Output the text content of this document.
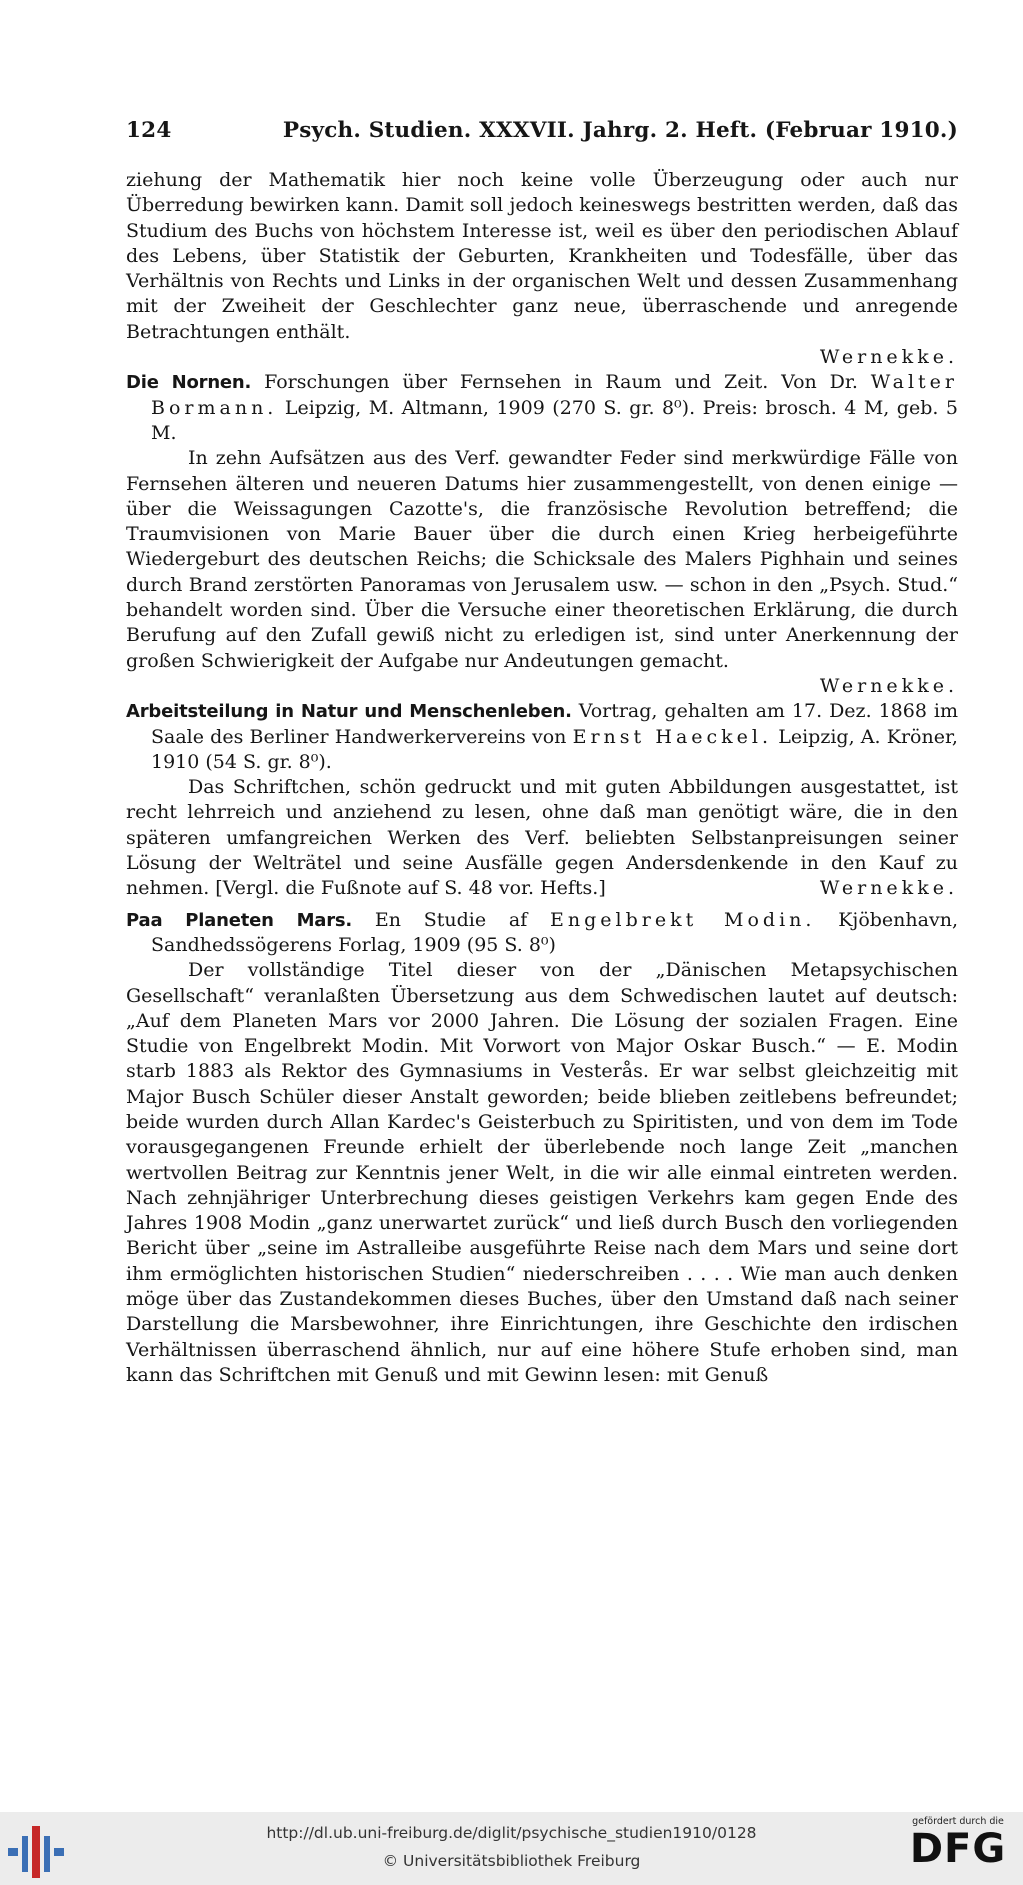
124	Psych. Studien. XXXVII. Jahrg. 2. Heft. (Februar 1910.)

ziehung der Mathematik hier noch keine volle Überzeugung oder auch nur Überredung bewirken kann. Damit soll jedoch keineswegs bestritten werden, daß das Studium des Buchs von höchstem Interesse ist, weil es über den periodischen Ablauf des Lebens, über Statistik der Geburten, Krankheiten und Todesfälle, über das Verhältnis von Rechts und Links in der organischen Welt und dessen Zusammenhang mit der Zweiheit der Geschlechter ganz neue, überraschende und anregende Betrachtungen enthält.

Wernekke.

Die Nornen. Forschungen über Fernsehen in Raum und Zeit. Von Dr. Walter Bormann. Leipzig, M. Altmann, 1909 (270 S. gr. 8⁰). Preis: brosch. 4 M, geb. 5 M.

In zehn Aufsätzen aus des Verf. gewandter Feder sind merkwürdige Fälle von Fernsehen älteren und neueren Datums hier zusammengestellt, von denen einige — über die Weissagungen Cazotte's, die französische Revolution betreffend; die Traumvisionen von Marie Bauer über die durch einen Krieg herbeigeführte Wiedergeburt des deutschen Reichs; die Schicksale des Malers Pighhain und seines durch Brand zerstörten Panoramas von Jerusalem usw. — schon in den „Psych. Stud.“ behandelt worden sind. Über die Versuche einer theoretischen Erklärung, die durch Berufung auf den Zufall gewiß nicht zu erledigen ist, sind unter Anerkennung der großen Schwierigkeit der Aufgabe nur Andeutungen gemacht.

Wernekke.

Arbeitsteilung in Natur und Menschenleben. Vortrag, gehalten am 17. Dez. 1868 im Saale des Berliner Handwerkervereins von Ernst Haeckel. Leipzig, A. Kröner, 1910 (54 S. gr. 8⁰).

Das Schriftchen, schön gedruckt und mit guten Abbildungen ausgestattet, ist recht lehrreich und anziehend zu lesen, ohne daß man genötigt wäre, die in den späteren umfangreichen Werken des Verf. beliebten Selbstanpreisungen seiner Lösung der Welträtel und seine Ausfälle gegen Andersdenkende in den Kauf zu nehmen. [Vergl. die Fußnote auf S. 48 vor. Hefts.]	Wernekke.

Paa Planeten Mars. En Studie af Engelbrekt Modin. Kjöbenhavn, Sandhedssögerens Forlag, 1909 (95 S. 8⁰)

Der vollständige Titel dieser von der „Dänischen Metapsychischen Gesellschaft“ veranlaßten Übersetzung aus dem Schwedischen lautet auf deutsch: „Auf dem Planeten Mars vor 2000 Jahren. Die Lösung der sozialen Fragen. Eine Studie von Engelbrekt Modin. Mit Vorwort von Major Oskar Busch.“ — E. Modin starb 1883 als Rektor des Gymnasiums in Vesterås. Er war selbst gleichzeitig mit Major Busch Schüler dieser Anstalt geworden; beide blieben zeitlebens befreundet; beide wurden durch Allan Kardec's Geisterbuch zu Spiritisten, und von dem im Tode vorausgegangenen Freunde erhielt der überlebende noch lange Zeit „manchen wertvollen Beitrag zur Kenntnis jener Welt, in die wir alle einmal eintreten werden. Nach zehnjähriger Unterbrechung dieses geistigen Verkehrs kam gegen Ende des Jahres 1908 Modin „ganz unerwartet zurück“ und ließ durch Busch den vorliegenden Bericht über „seine im Astralleibe ausgeführte Reise nach dem Mars und seine dort ihm ermöglichten historischen Studien“ niederschreiben . . . . Wie man auch denken möge über das Zustandekommen dieses Buches, über den Umstand daß nach seiner Darstellung die Marsbewohner, ihre Einrichtungen, ihre Geschichte den irdischen Verhältnissen überraschend ähnlich, nur auf eine höhere Stufe erhoben sind, man kann das Schriftchen mit Genuß und mit Gewinn lesen: mit Genuß

http://dl.ub.uni-freiburg.de/diglit/psychische_studien1910/0128
© Universitätsbibliothek Freiburg
gefördert durch die
DFG
